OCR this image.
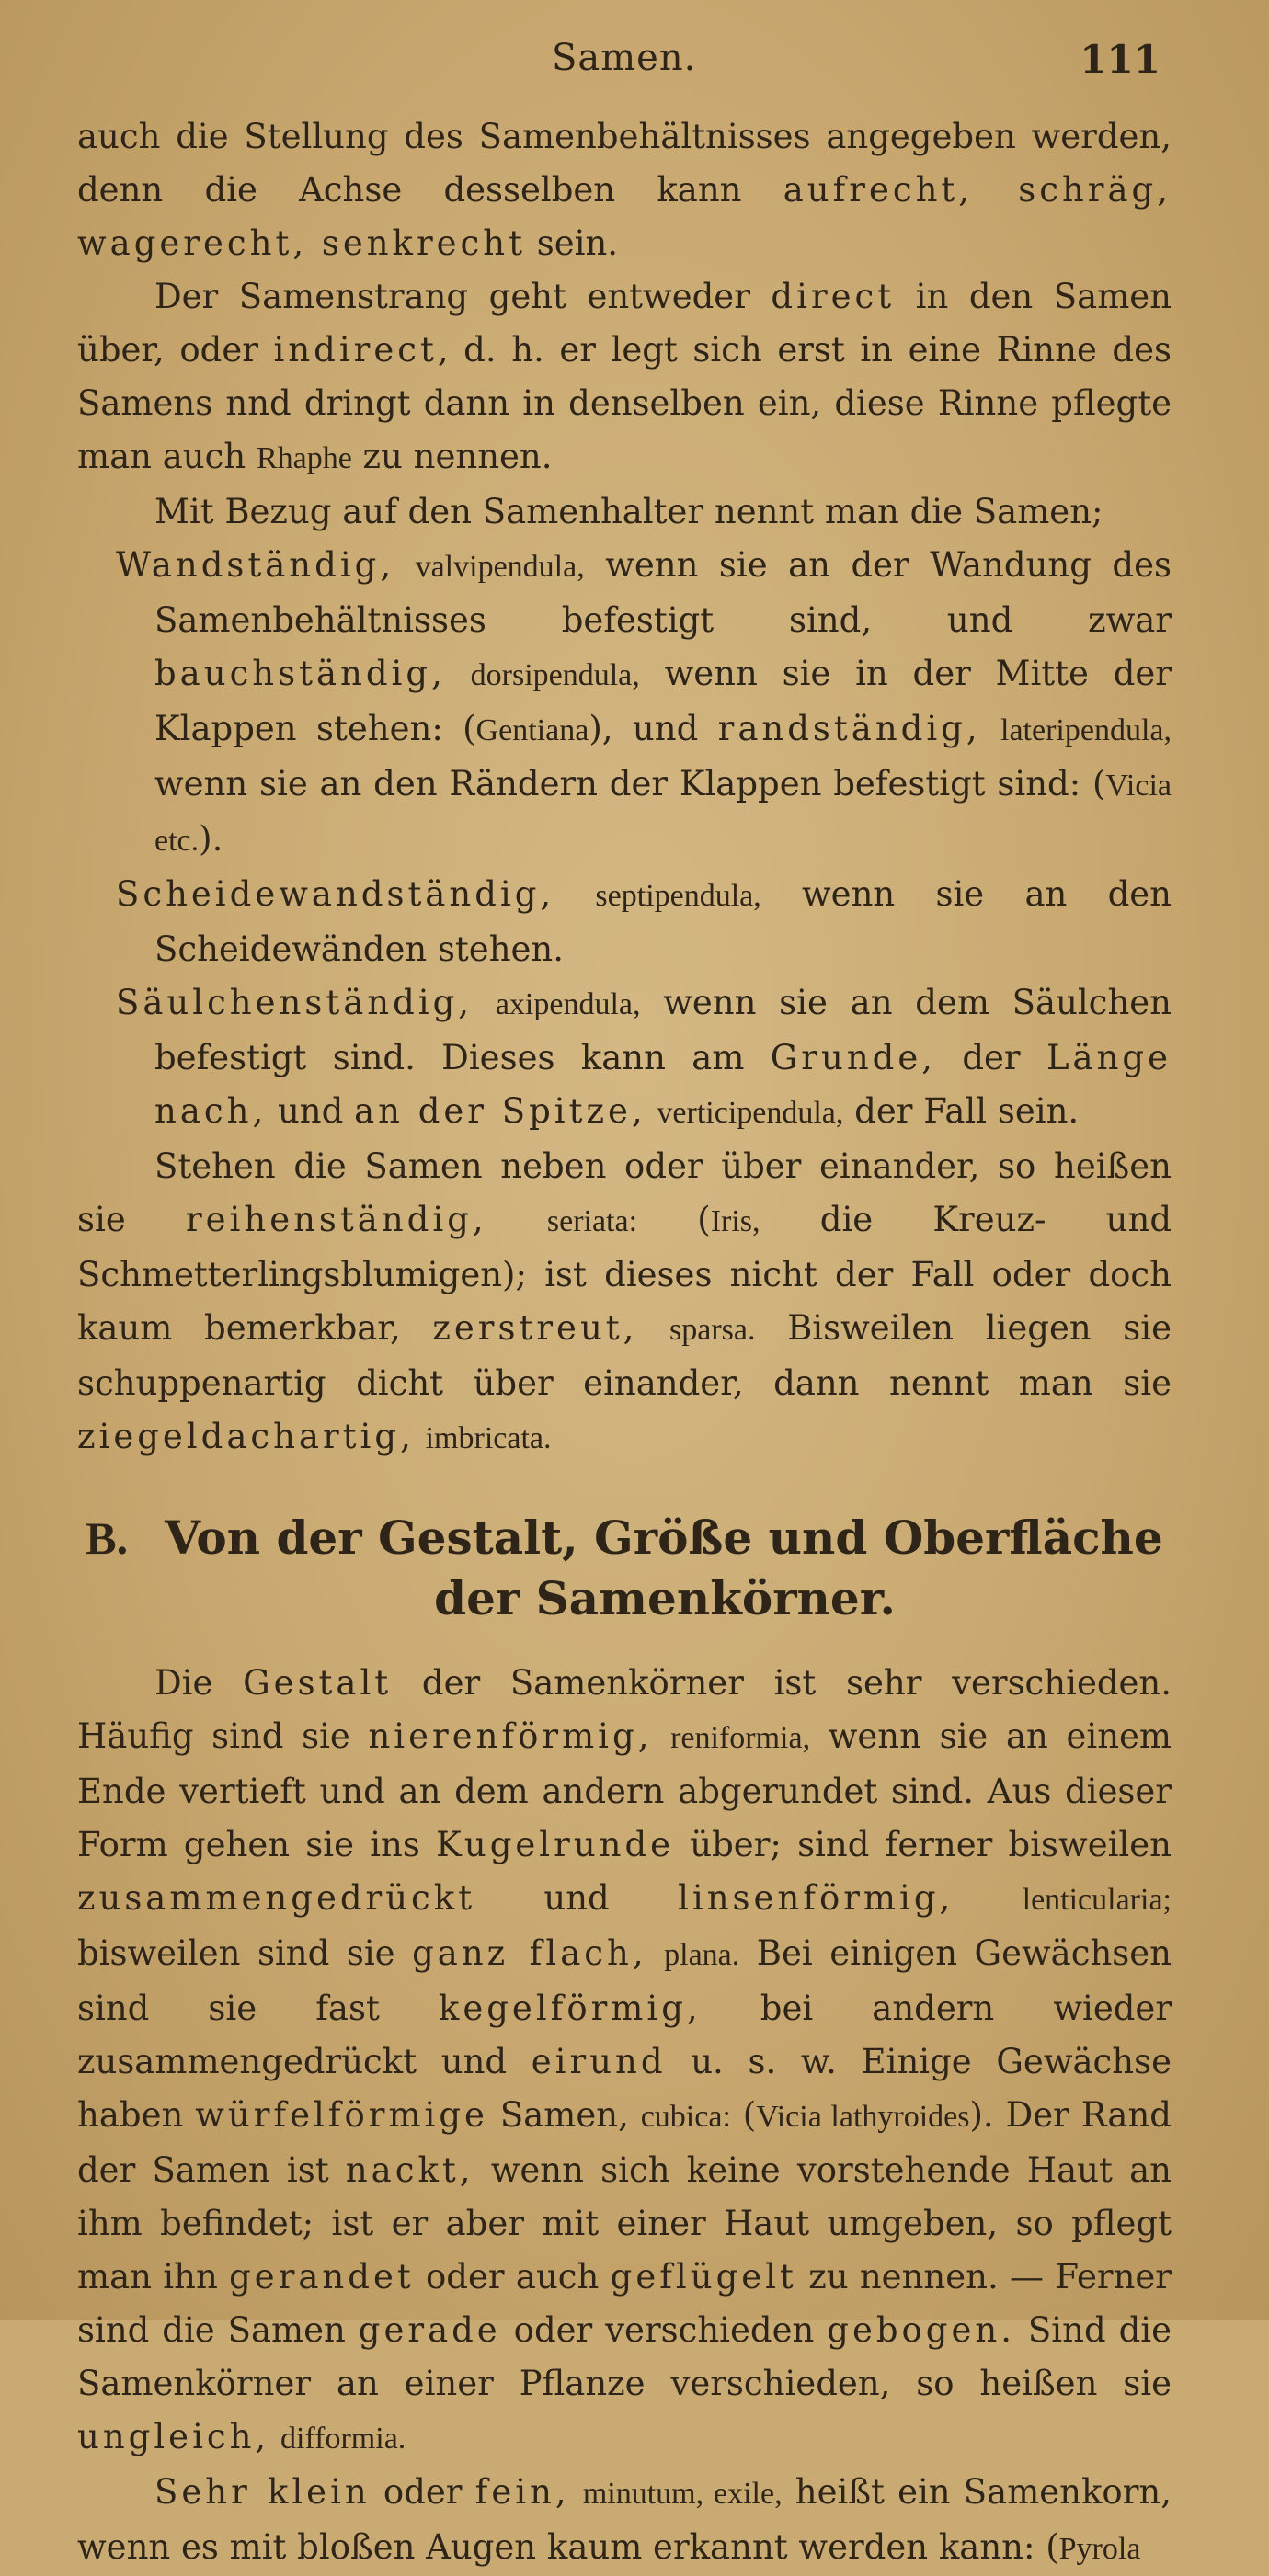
Samen.	111

auch die Stellung des Samenbehältnisses angegeben werden, denn die Achse desselben kann aufrecht, schräg, wagerecht, senkrecht sein.

Der Samenstrang geht entweder direct in den Samen über, oder indirect, d. h. er legt sich erst in eine Rinne des Samens nnd dringt dann in denselben ein, diese Rinne pflegte man auch Rhaphe zu nennen.

Mit Bezug auf den Samenhalter nennt man die Samen;

Wandständig, valvipendula, wenn sie an der Wandung des Samenbehältnisses befestigt sind, und zwar bauchständig, dorsipendula, wenn sie in der Mitte der Klappen stehen: (Gentiana), und randständig, lateripendula, wenn sie an den Rändern der Klappen befestigt sind: (Vicia etc.).

Scheidewandständig, septipendula, wenn sie an den Scheidewänden stehen.

Säulchenständig, axipendula, wenn sie an dem Säulchen befestigt sind. Dieses kann am Grunde, der Länge nach, und an der Spitze, verticipendula, der Fall sein.

Stehen die Samen neben oder über einander, so heißen sie reihenständig, seriata: (Iris, die Kreuz- und Schmetterlingsblumigen); ist dieses nicht der Fall oder doch kaum bemerkbar, zerstreut, sparsa. Bisweilen liegen sie schuppenartig dicht über einander, dann nennt man sie ziegeldachartig, imbricata.

B. Von der Gestalt, Größe und Oberfläche der Samenkörner.

Die Gestalt der Samenkörner ist sehr verschieden. Häufig sind sie nierenförmig, reniformia, wenn sie an einem Ende vertieft und an dem andern abgerundet sind. Aus dieser Form gehen sie ins Kugelrunde über; sind ferner bisweilen zusammengedrückt und linsenförmig, lenticularia; bisweilen sind sie ganz flach, plana. Bei einigen Gewächsen sind sie fast kegelförmig, bei andern wieder zusammengedrückt und eirund u. s. w. Einige Gewächse haben würfelförmige Samen, cubica: (Vicia lathyroides). Der Rand der Samen ist nackt, wenn sich keine vorstehende Haut an ihm befindet; ist er aber mit einer Haut umgeben, so pflegt man ihn gerandet oder auch geflügelt zu nennen. — Ferner sind die Samen gerade oder verschieden gebogen. Sind die Samenkörner an einer Pflanze verschieden, so heißen sie ungleich, difformia.

Sehr klein oder fein, minutum, exile, heißt ein Samenkorn, wenn es mit bloßen Augen kaum erkannt werden kann: (Pyrola
